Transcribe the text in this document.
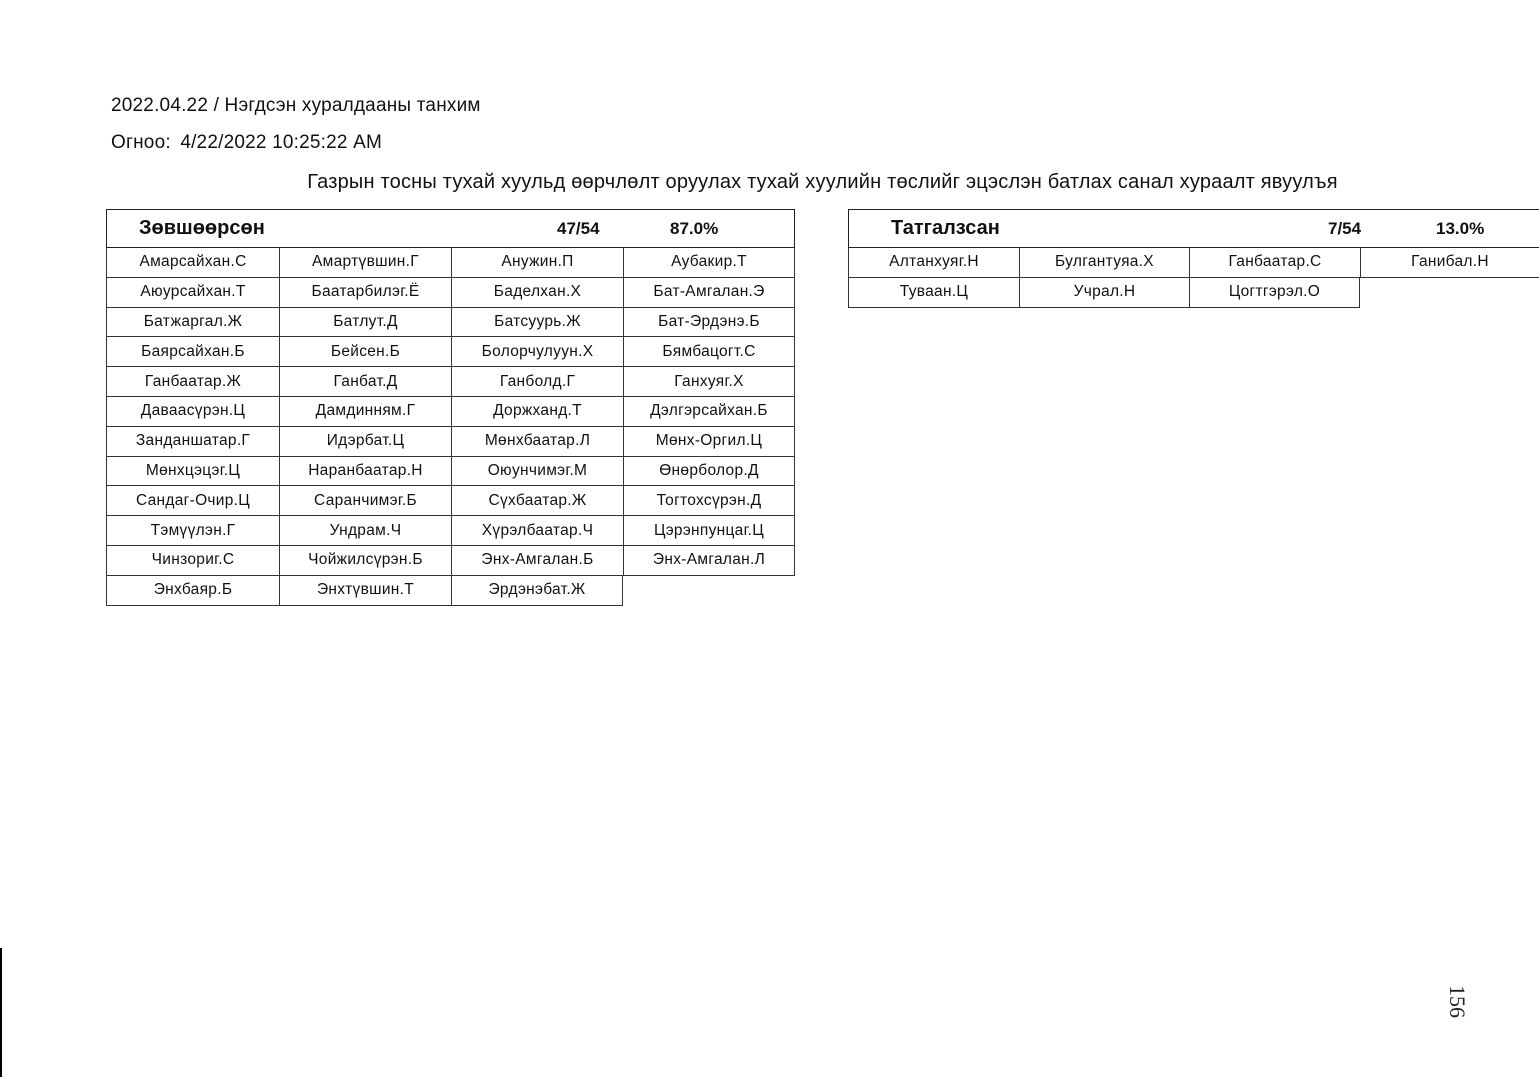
2022.04.22 / Нэгдсэн хуралдааны танхим
Огноо: 4/22/2022 10:25:22 AM
Газрын тосны тухай хуульд өөрчлөлт оруулах тухай хуулийн төслийг эцэслэн батлах санал хураалт явуулъя
Зөвшөөрсөн	47/54	87.0%
Амарсайхан.С	Амартүвшин.Г	Анужин.П	Аубакир.Т
Аюурсайхан.Т	Баатарбилэг.Ё	Баделхан.Х	Бат-Амгалан.Э
Батжаргал.Ж	Батлут.Д	Батсуурь.Ж	Бат-Эрдэнэ.Б
Баярсайхан.Б	Бейсен.Б	Болорчулуун.Х	Бямбацогт.С
Ганбаатар.Ж	Ганбат.Д	Ганболд.Г	Ганхуяг.Х
Даваасүрэн.Ц	Дамдинням.Г	Доржханд.Т	Дэлгэрсайхан.Б
Занданшатар.Г	Идэрбат.Ц	Мөнхбаатар.Л	Мөнх-Оргил.Ц
Мөнхцэцэг.Ц	Наранбаатар.Н	Оюунчимэг.М	Өнөрболор.Д
Сандаг-Очир.Ц	Саранчимэг.Б	Сүхбаатар.Ж	Тогтохсүрэн.Д
Тэмүүлэн.Г	Ундрам.Ч	Хүрэлбаатар.Ч	Цэрэнпунцаг.Ц
Чинзориг.С	Чойжилсүрэн.Б	Энх-Амгалан.Б	Энх-Амгалан.Л
Энхбаяр.Б	Энхтүвшин.Т	Эрдэнэбат.Ж
Татгалзсан	7/54	13.0%
Алтанхуяг.Н	Булгантуяа.Х	Ганбаатар.С	Ганибал.Н
Туваан.Ц	Учрал.Н	Цогтгэрэл.О
156
